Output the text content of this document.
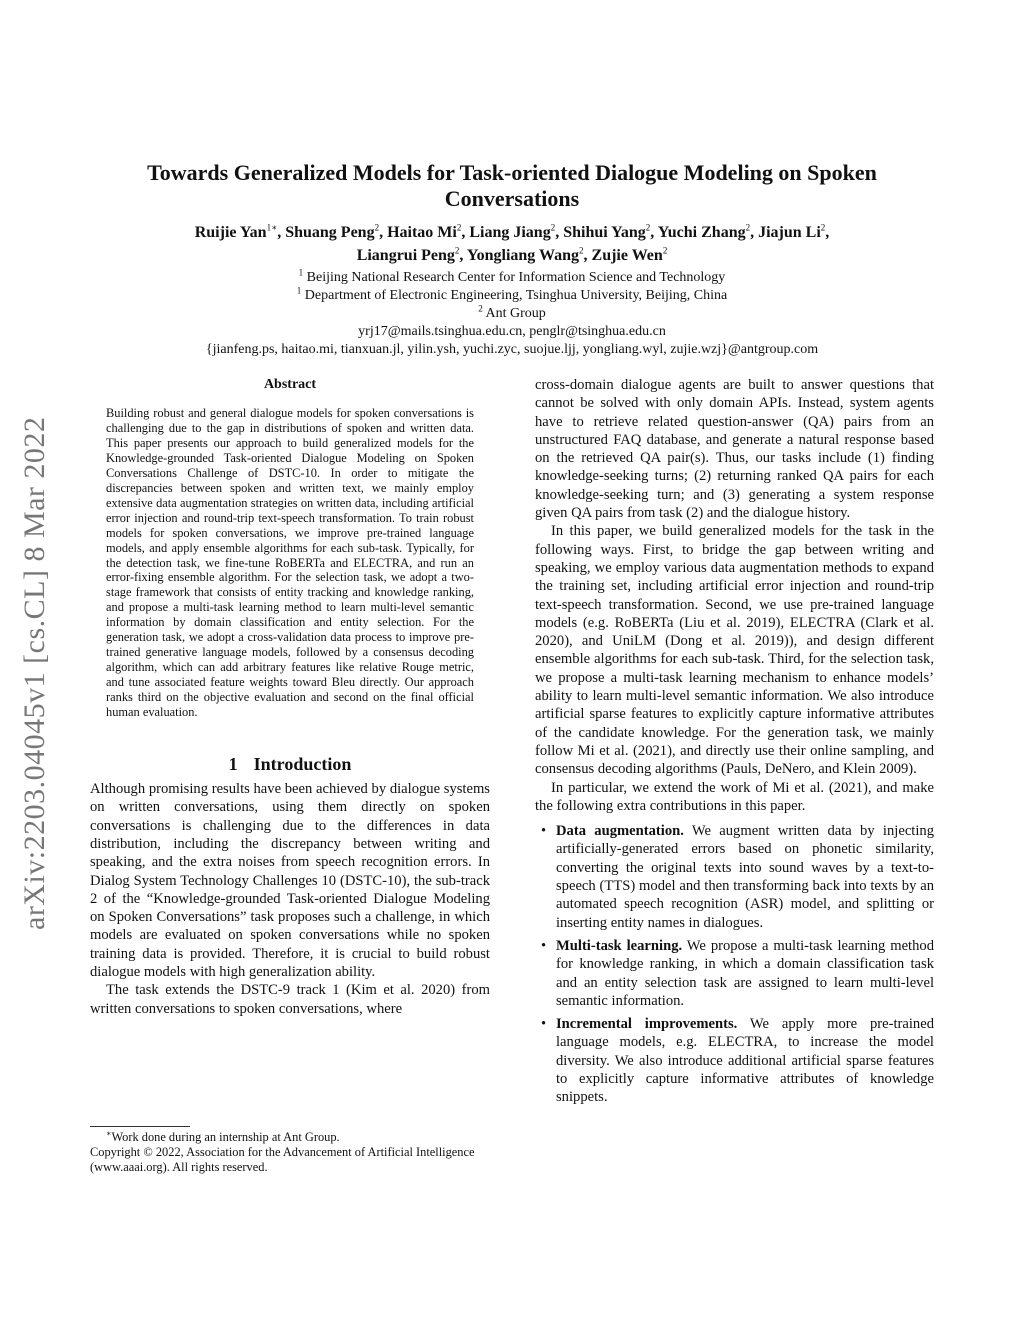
arXiv:2203.04045v1 [cs.CL] 8 Mar 2022
Towards Generalized Models for Task-oriented Dialogue Modeling on Spoken Conversations
Ruijie Yan$^{1∗}$, Shuang Peng$^2$, Haitao Mi$^2$, Liang Jiang$^2$, Shihui Yang$^2$, Yuchi Zhang$^2$, Jiajun Li$^2$,
Liangrui Peng$^2$, Yongliang Wang$^2$, Zujie Wen$^2$
$^1$ Beijing National Research Center for Information Science and Technology
$^1$ Department of Electronic Engineering, Tsinghua University, Beijing, China
$^2$ Ant Group
yrj17@mails.tsinghua.edu.cn, penglr@tsinghua.edu.cn
{jianfeng.ps, haitao.mi, tianxuan.jl, yilin.ysh, yuchi.zyc, suojue.ljj, yongliang.wyl, zujie.wzj}@antgroup.com
Abstract

Building robust and general dialogue models for spoken conversations is challenging due to the gap in distributions of spoken and written data. This paper presents our approach to build generalized models for the Knowledge-grounded Task-oriented Dialogue Modeling on Spoken Conversations Challenge of DSTC-10. In order to mitigate the discrepancies between spoken and written text, we mainly employ extensive data augmentation strategies on written data, including artificial error injection and round-trip text-speech transformation. To train robust models for spoken conversations, we improve pre-trained language models, and apply ensemble algorithms for each sub-task. Typically, for the detection task, we fine-tune RoBERTa and ELECTRA, and run an error-fixing ensemble algorithm. For the selection task, we adopt a two-stage framework that consists of entity tracking and knowledge ranking, and propose a multi-task learning method to learn multi-level semantic information by domain classification and entity selection. For the generation task, we adopt a cross-validation data process to improve pre-trained generative language models, followed by a consensus decoding algorithm, which can add arbitrary features like relative Rouge metric, and tune associated feature weights toward Bleu directly. Our approach ranks third on the objective evaluation and second on the final official human evaluation.

1 Introduction

Although promising results have been achieved by dialogue systems on written conversations, using them directly on spoken conversations is challenging due to the differences in data distribution, including the discrepancy between writing and speaking, and the extra noises from speech recognition errors. In Dialog System Technology Challenges 10 (DSTC-10), the sub-track 2 of the “Knowledge-grounded Task-oriented Dialogue Modeling on Spoken Conversations” task proposes such a challenge, in which models are evaluated on spoken conversations while no spoken training data is provided. Therefore, it is crucial to build robust dialogue models with high generalization ability.

The task extends the DSTC-9 track 1 (Kim et al. 2020) from written conversations to spoken conversations, where

cross-domain dialogue agents are built to answer questions that cannot be solved with only domain APIs. Instead, system agents have to retrieve related question-answer (QA) pairs from an unstructured FAQ database, and generate a natural response based on the retrieved QA pair(s). Thus, our tasks include (1) finding knowledge-seeking turns; (2) returning ranked QA pairs for each knowledge-seeking turn; and (3) generating a system response given QA pairs from task (2) and the dialogue history.

In this paper, we build generalized models for the task in the following ways. First, to bridge the gap between writing and speaking, we employ various data augmentation methods to expand the training set, including artificial error injection and round-trip text-speech transformation. Second, we use pre-trained language models (e.g. RoBERTa (Liu et al. 2019), ELECTRA (Clark et al. 2020), and UniLM (Dong et al. 2019)), and design different ensemble algorithms for each sub-task. Third, for the selection task, we propose a multi-task learning mechanism to enhance models’ ability to learn multi-level semantic information. We also introduce artificial sparse features to explicitly capture informative attributes of the candidate knowledge. For the generation task, we mainly follow Mi et al. (2021), and directly use their online sampling, and consensus decoding algorithms (Pauls, DeNero, and Klein 2009).

In particular, we extend the work of Mi et al. (2021), and make the following extra contributions in this paper.

• Data augmentation. We augment written data by injecting artificially-generated errors based on phonetic similarity, converting the original texts into sound waves by a text-to-speech (TTS) model and then transforming back into texts by an automated speech recognition (ASR) model, and splitting or inserting entity names in dialogues.
• Multi-task learning. We propose a multi-task learning method for knowledge ranking, in which a domain classification task and an entity selection task are assigned to learn multi-level semantic information.
• Incremental improvements. We apply more pre-trained language models, e.g. ELECTRA, to increase the model diversity. We also introduce additional artificial sparse features to explicitly capture informative attributes of knowledge snippets.
∗Work done during an internship at Ant Group.
Copyright © 2022, Association for the Advancement of Artificial Intelligence (www.aaai.org). All rights reserved.
